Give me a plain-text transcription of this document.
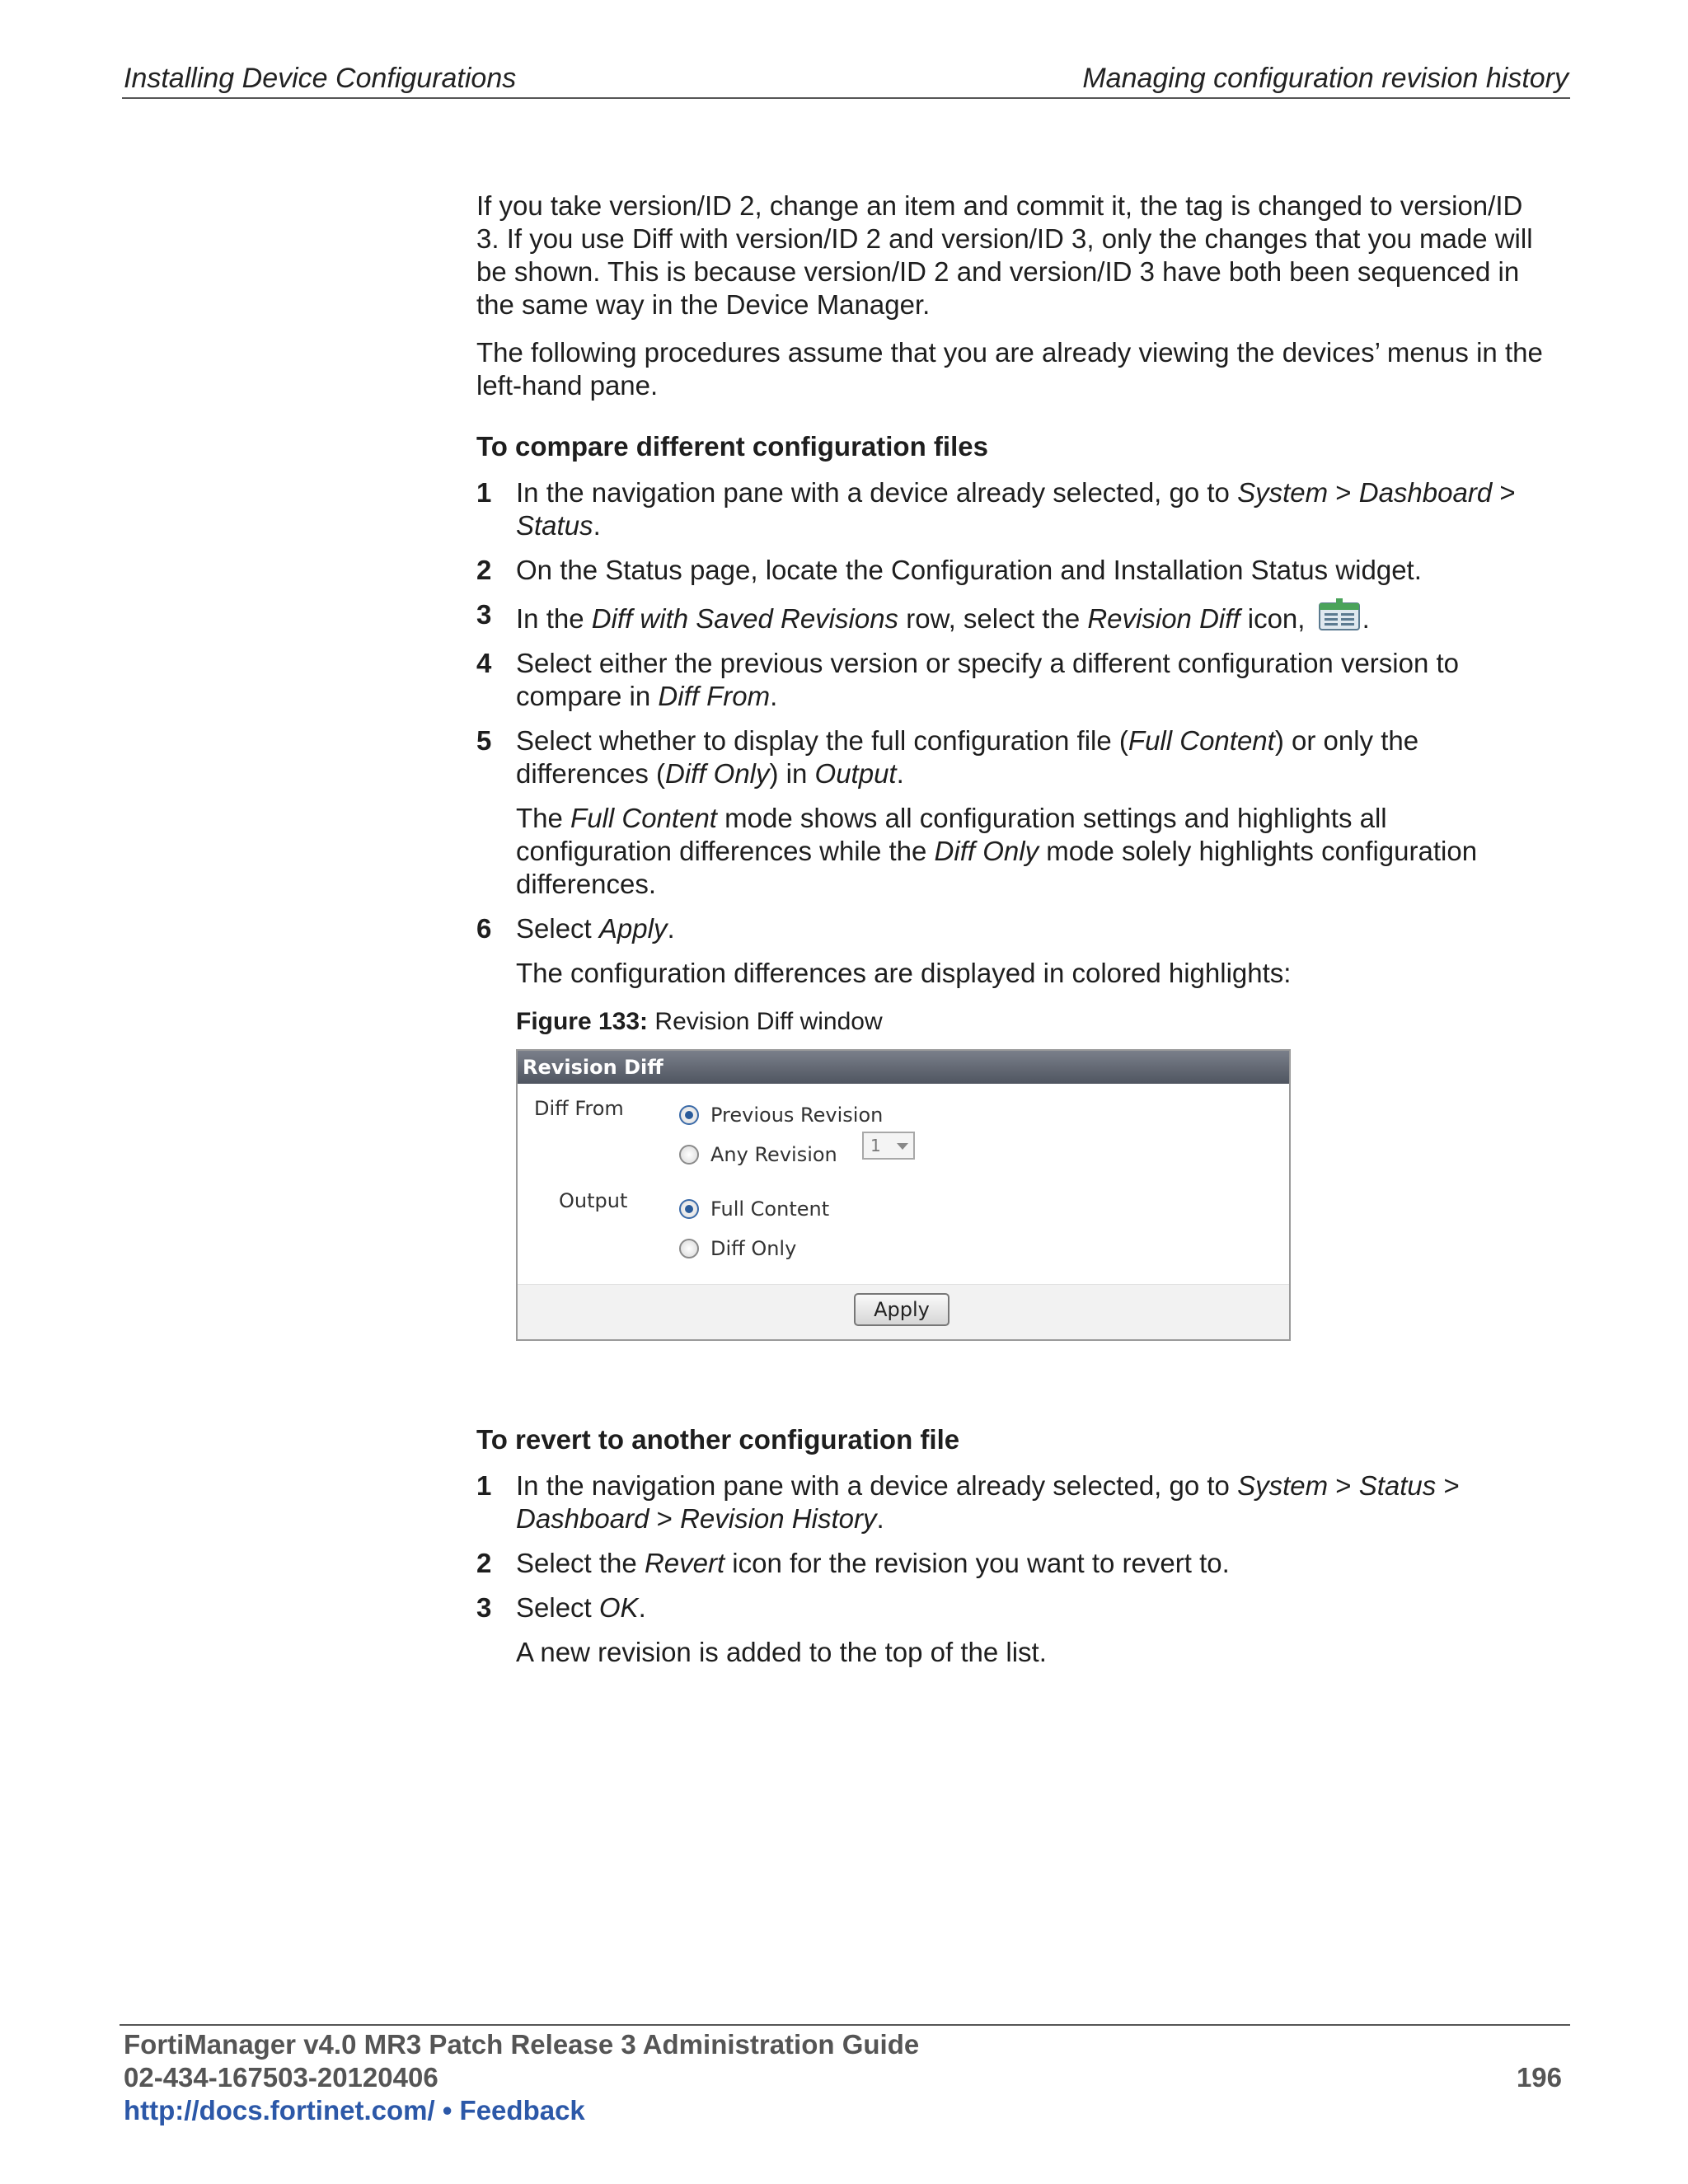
Installing Device Configurations	Managing configuration revision history

If you take version/ID 2, change an item and commit it, the tag is changed to version/ID 3. If you use Diff with version/ID 2 and version/ID 3, only the changes that you made will be shown. This is because version/ID 2 and version/ID 3 have both been sequenced in the same way in the Device Manager.

The following procedures assume that you are already viewing the devices’ menus in the left-hand pane.

To compare different configuration files

1 In the navigation pane with a device already selected, go to System > Dashboard > Status.
2 On the Status page, locate the Configuration and Installation Status widget.
3 In the Diff with Saved Revisions row, select the Revision Diff icon, .
4 Select either the previous version or specify a different configuration version to compare in Diff From.
5 Select whether to display the full configuration file (Full Content) or only the differences (Diff Only) in Output.

The Full Content mode shows all configuration settings and highlights all configuration differences while the Diff Only mode solely highlights configuration differences.

6 Select Apply.

The configuration differences are displayed in colored highlights:

Figure 133: Revision Diff window

Revision Diff
Diff From	Previous Revision
Any Revision	1
Output	Full Content
Diff Only
Apply

To revert to another configuration file

1 In the navigation pane with a device already selected, go to System > Status > Dashboard > Revision History.
2 Select the Revert icon for the revision you want to revert to.
3 Select OK.

A new revision is added to the top of the list.

FortiManager v4.0 MR3 Patch Release 3 Administration Guide
02-434-167503-20120406
http://docs.fortinet.com/ • Feedback
196
